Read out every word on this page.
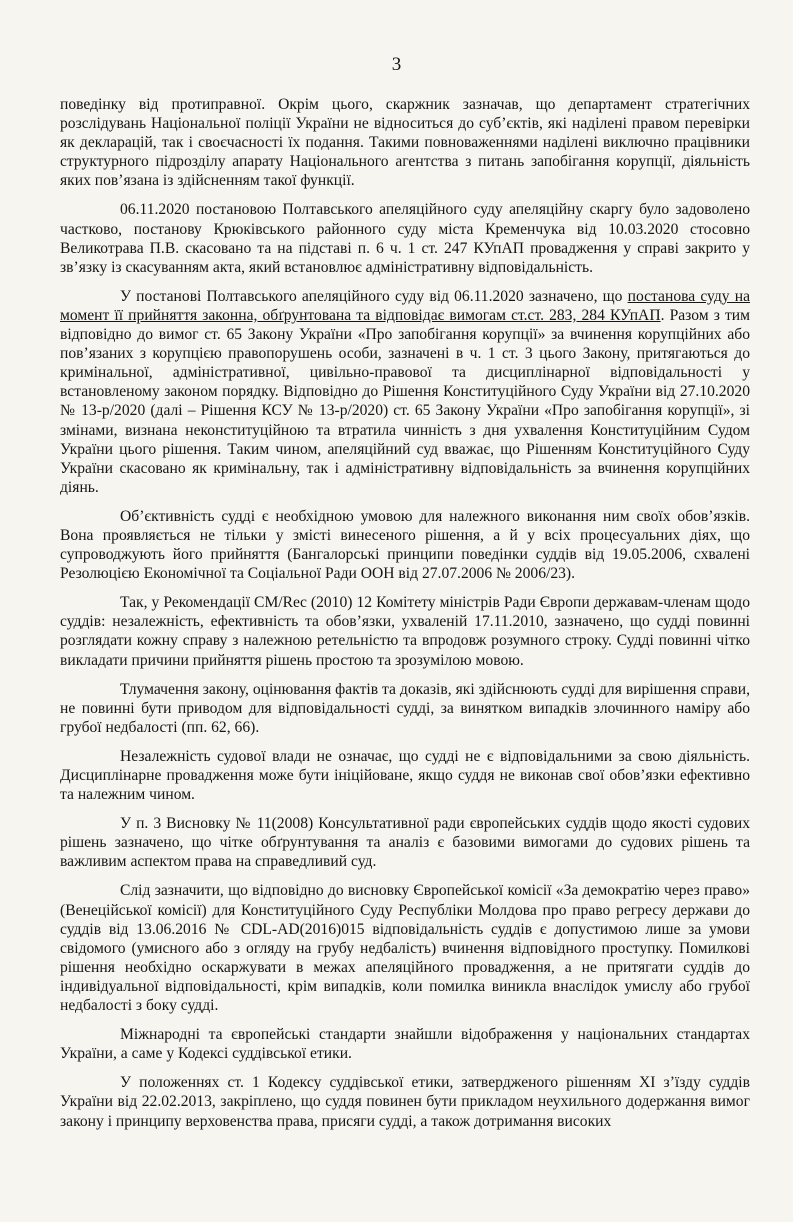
3

поведінку від протиправної. Окрім цього, скаржник зазначав, що департамент стратегічних розслідувань Національної поліції України не відноситься до суб’єктів, які наділені правом перевірки як декларацій, так і своєчасності їх подання. Такими повноваженнями наділені виключно працівники структурного підрозділу апарату Національного агентства з питань запобігання корупції, діяльність яких пов’язана із здійсненням такої функції.

06.11.2020 постановою Полтавського апеляційного суду апеляційну скаргу було задоволено частково, постанову Крюківського районного суду міста Кременчука від 10.03.2020 стосовно Великотрава П.В. скасовано та на підставі п. 6 ч. 1 ст. 247 КУпАП провадження у справі закрито у зв’язку із скасуванням акта, який встановлює адміністративну відповідальність.

У постанові Полтавського апеляційного суду від 06.11.2020 зазначено, що постанова суду на момент її прийняття законна, обґрунтована та відповідає вимогам ст.ст. 283, 284 КУпАП. Разом з тим відповідно до вимог ст. 65 Закону України «Про запобігання корупції» за вчинення корупційних або пов’язаних з корупцією правопорушень особи, зазначені в ч. 1 ст. 3 цього Закону, притягаються до кримінальної, адміністративної, цивільно-правової та дисциплінарної відповідальності у встановленому законом порядку. Відповідно до Рішення Конституційного Суду України від 27.10.2020 № 13-р/2020 (далі – Рішення КСУ № 13-р/2020) ст. 65 Закону України «Про запобігання корупції», зі змінами, визнана неконституційною та втратила чинність з дня ухвалення Конституційним Судом України цього рішення. Таким чином, апеляційний суд вважає, що Рішенням Конституційного Суду України скасовано як кримінальну, так і адміністративну відповідальність за вчинення корупційних діянь.

Об’єктивність судді є необхідною умовою для належного виконання ним своїх обов’язків. Вона проявляється не тільки у змісті винесеного рішення, а й у всіх процесуальних діях, що супроводжують його прийняття (Бангалорські принципи поведінки суддів від 19.05.2006, схвалені Резолюцією Економічної та Соціальної Ради ООН від 27.07.2006 № 2006/23).

Так, у Рекомендації CM/Rec (2010) 12 Комітету міністрів Ради Європи державам-членам щодо суддів: незалежність, ефективність та обов’язки, ухваленій 17.11.2010, зазначено, що судді повинні розглядати кожну справу з належною ретельністю та впродовж розумного строку. Судді повинні чітко викладати причини прийняття рішень простою та зрозумілою мовою.

Тлумачення закону, оцінювання фактів та доказів, які здійснюють судді для вирішення справи, не повинні бути приводом для відповідальності судді, за винятком випадків злочинного наміру або грубої недбалості (пп. 62, 66).

Незалежність судової влади не означає, що судді не є відповідальними за свою діяльність. Дисциплінарне провадження може бути ініційоване, якщо суддя не виконав свої обов’язки ефективно та належним чином.

У п. 3 Висновку № 11(2008) Консультативної ради європейських суддів щодо якості судових рішень зазначено, що чітке обґрунтування та аналіз є базовими вимогами до судових рішень та важливим аспектом права на справедливий суд.

Слід зазначити, що відповідно до висновку Європейської комісії «За демократію через право» (Венеційської комісії) для Конституційного Суду Республіки Молдова про право регресу держави до суддів від 13.06.2016 № CDL-AD(2016)015 відповідальність суддів є допустимою лише за умови свідомого (умисного або з огляду на грубу недбалість) вчинення відповідного проступку. Помилкові рішення необхідно оскаржувати в межах апеляційного провадження, а не притягати суддів до індивідуальної відповідальності, крім випадків, коли помилка виникла внаслідок умислу або грубої недбалості з боку судді.

Міжнародні та європейські стандарти знайшли відображення у національних стандартах України, а саме у Кодексі суддівської етики.

У положеннях ст. 1 Кодексу суддівської етики, затвердженого рішенням ХІ з’їзду суддів України від 22.02.2013, закріплено, що суддя повинен бути прикладом неухильного додержання вимог закону і принципу верховенства права, присяги судді, а також дотримання високих
